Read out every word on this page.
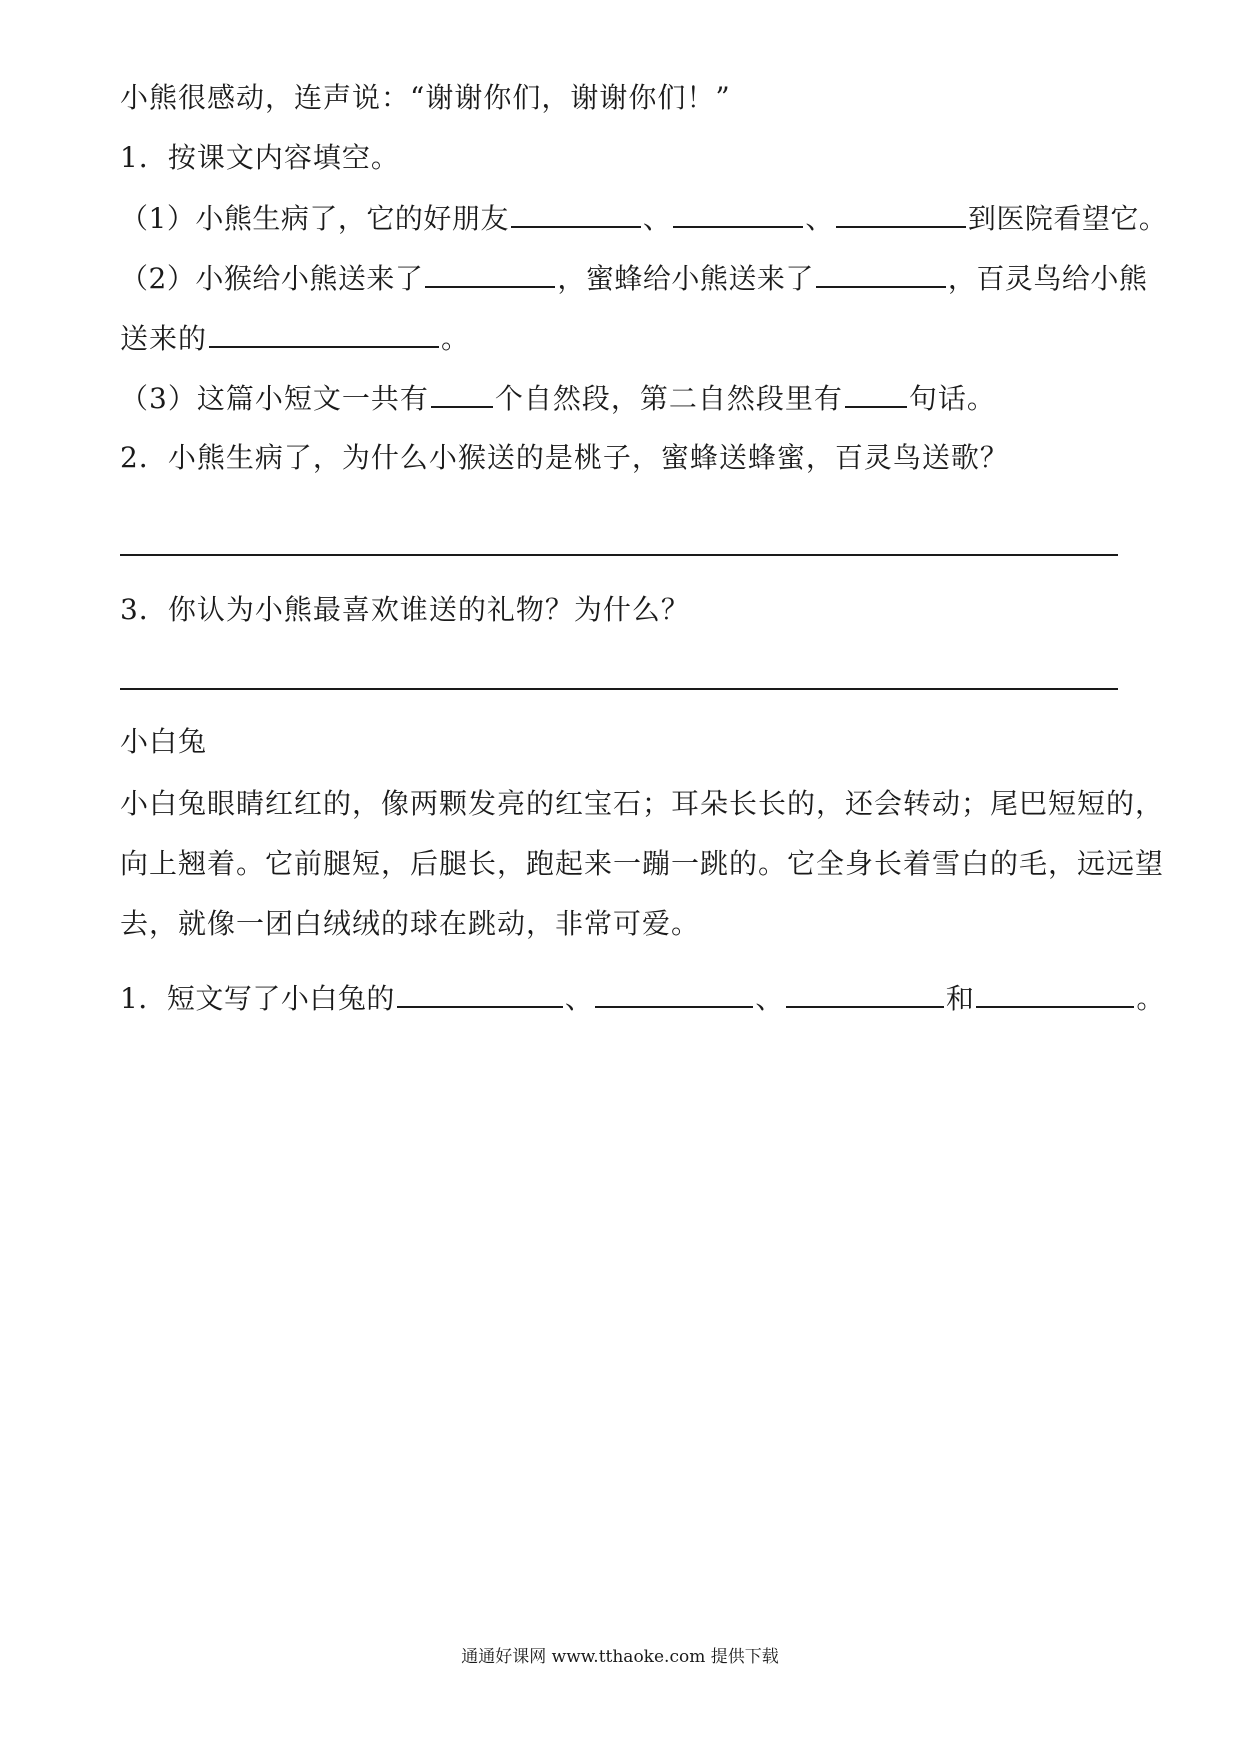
小熊很感动，连声说：“谢谢你们，谢谢你们！”
1．按课文内容填空。
（1）小熊生病了，它的好朋友	、	、	到医院看望它。
（2）小猴给小熊送来了	，蜜蜂给小熊送来了	，百灵鸟给小熊
送来的	。
（3）这篇小短文一共有 个自然段，第二自然段里有 句话。
2．小熊生病了，为什么小猴送的是桃子，蜜蜂送蜂蜜，百灵鸟送歌？
3．你认为小熊最喜欢谁送的礼物？为什么？
小白兔
小白兔眼睛红红的，像两颗发亮的红宝石；耳朵长长的，还会转动；尾巴短短的，
向上翘着。它前腿短，后腿长，跑起来一蹦一跳的。它全身长着雪白的毛，远远望
去，就像一团白绒绒的球在跳动，非常可爱。
1．短文写了小白兔的	、	、	和	。
通通好课网 www.tthaoke.com 提供下载
